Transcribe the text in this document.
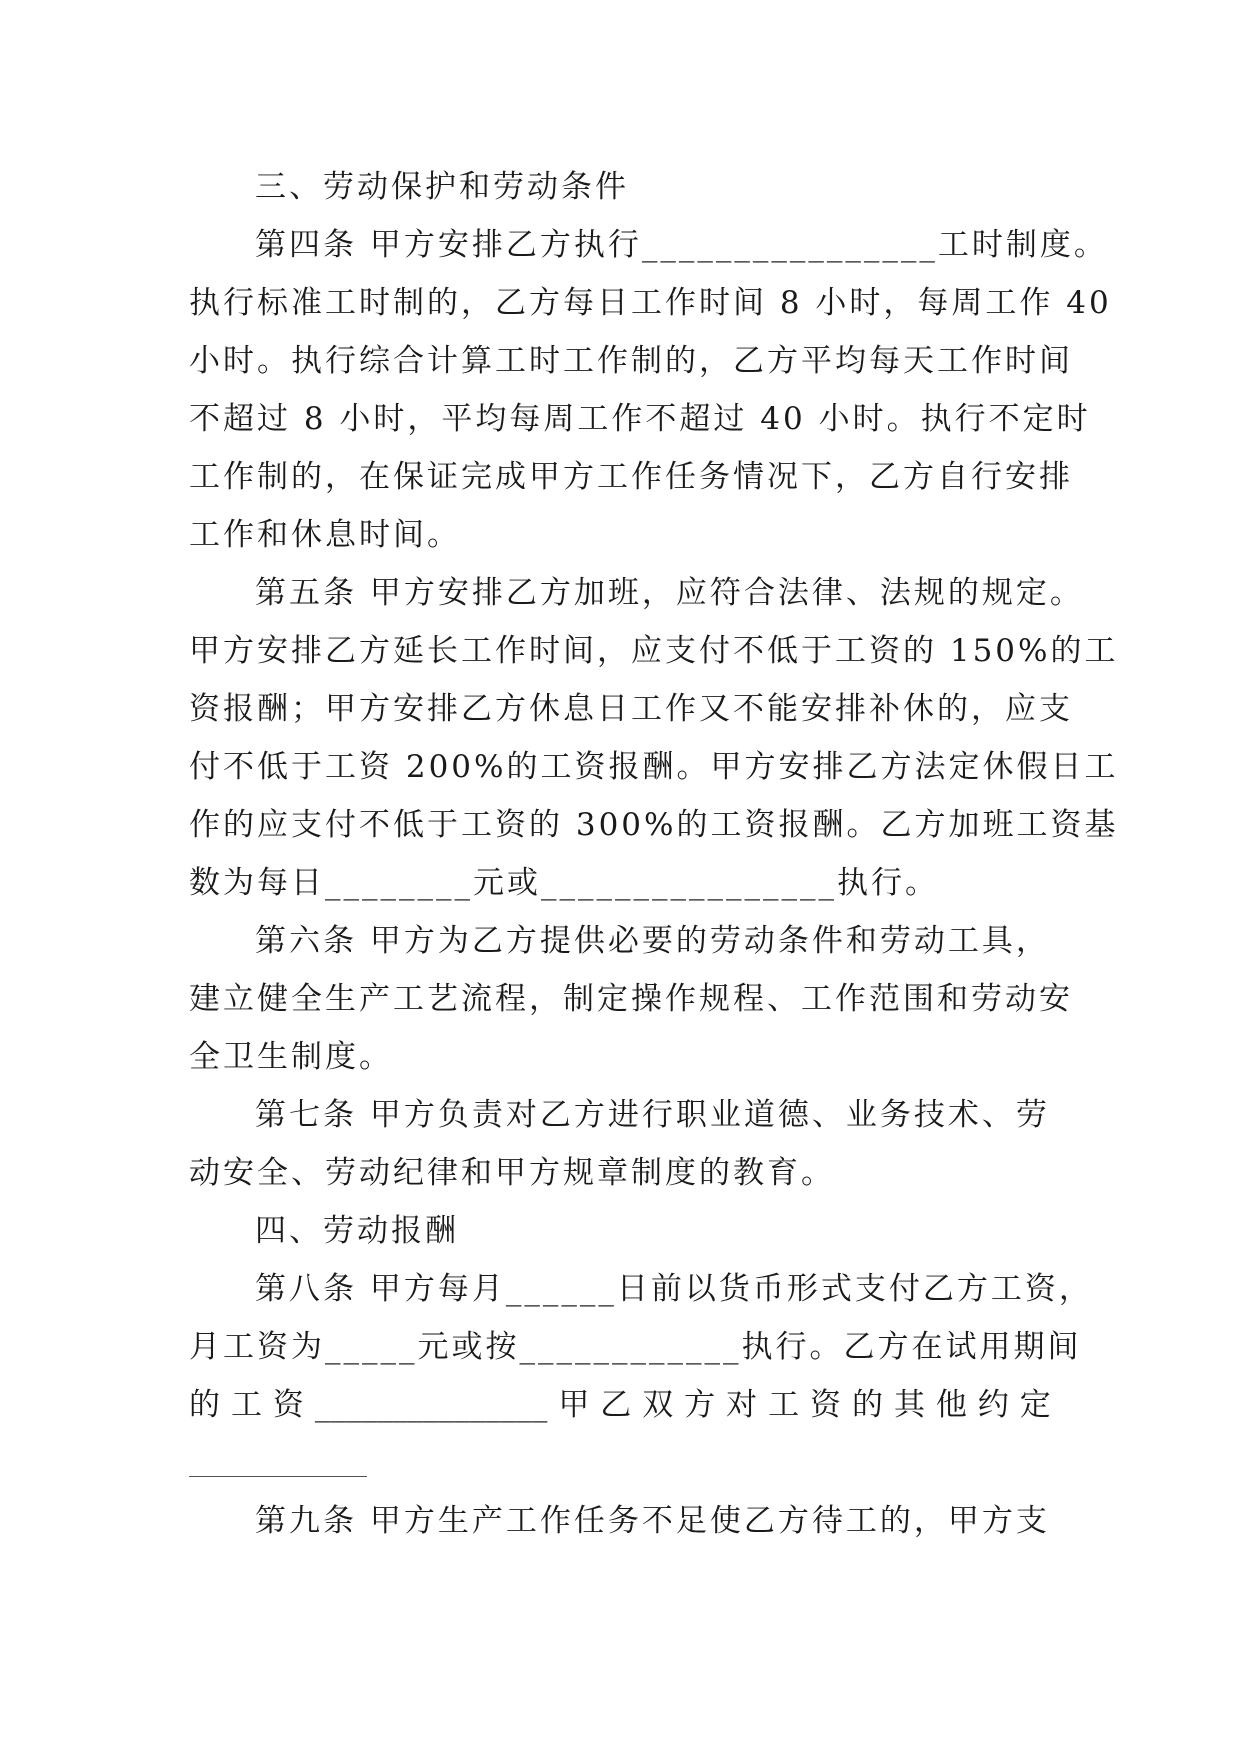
三、劳动保护和劳动条件
第四条 甲方安排乙方执行________________工时制度。
执行标准工时制的，乙方每日工作时间 8 小时，每周工作 40
小时。执行综合计算工时工作制的，乙方平均每天工作时间
不超过 8 小时，平均每周工作不超过 40 小时。执行不定时
工作制的，在保证完成甲方工作任务情况下，乙方自行安排
工作和休息时间。
第五条 甲方安排乙方加班，应符合法律、法规的规定。
甲方安排乙方延长工作时间，应支付不低于工资的 150%的工
资报酬；甲方安排乙方休息日工作又不能安排补休的，应支
付不低于工资 200%的工资报酬。甲方安排乙方法定休假日工
作的应支付不低于工资的 300%的工资报酬。乙方加班工资基
数为每日________元或________________执行。
第六条 甲方为乙方提供必要的劳动条件和劳动工具，
建立健全生产工艺流程，制定操作规程、工作范围和劳动安
全卫生制度。
第七条 甲方负责对乙方进行职业道德、业务技术、劳
动安全、劳动纪律和甲方规章制度的教育。
四、劳动报酬
第八条 甲方每月______日前以货币形式支付乙方工资，
月工资为_____元或按____________执行。乙方在试用期间
的 工 资 _______________ 甲 乙 双 方 对 工 资 的 其 他 约 定
第九条 甲方生产工作任务不足使乙方待工的，甲方支
